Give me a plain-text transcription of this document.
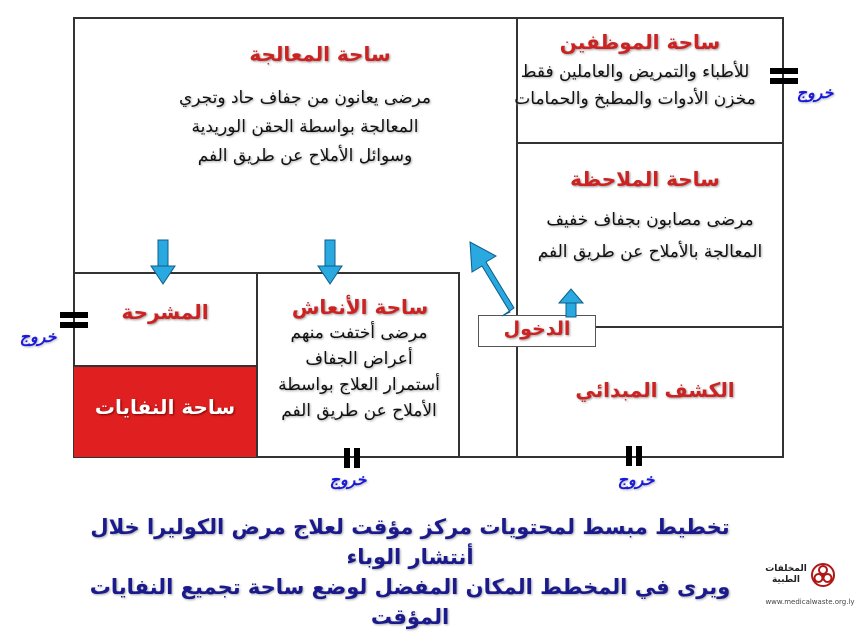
ساحة المعالجة
مرضى يعانون من جفاف حاد وتجري
المعالجة بواسطة الحقن الوريدية
وسوائل الأملاح عن طريق الفم
ساحة الموظفين
للأطباء والتمريض والعاملين فقط
مخزن الأدوات والمطبخ والحمامات
ساحة الملاحظة
مرضى مصابون بجفاف خفيف
المعالجة بالأملاح عن طريق الفم
المشرحة
ساحة النفايات
ساحة الأنعاش
مرضى أختفت منهم
أعراض الجفاف
أستمرار العلاج بواسطة
الأملاح عن طريق الفم
الدخول
الكشف المبدائي
خروج
خروج
خروج	خروج
تخطيط مبسط لمحتويات مركز مؤقت لعلاج مرض الكوليرا خلال أنتشار الوباء
ويرى في المخطط المكان المفضل لوضع ساحة تجميع النفايات المؤقت
المخلفات الطبية
www.medicalwaste.org.ly
